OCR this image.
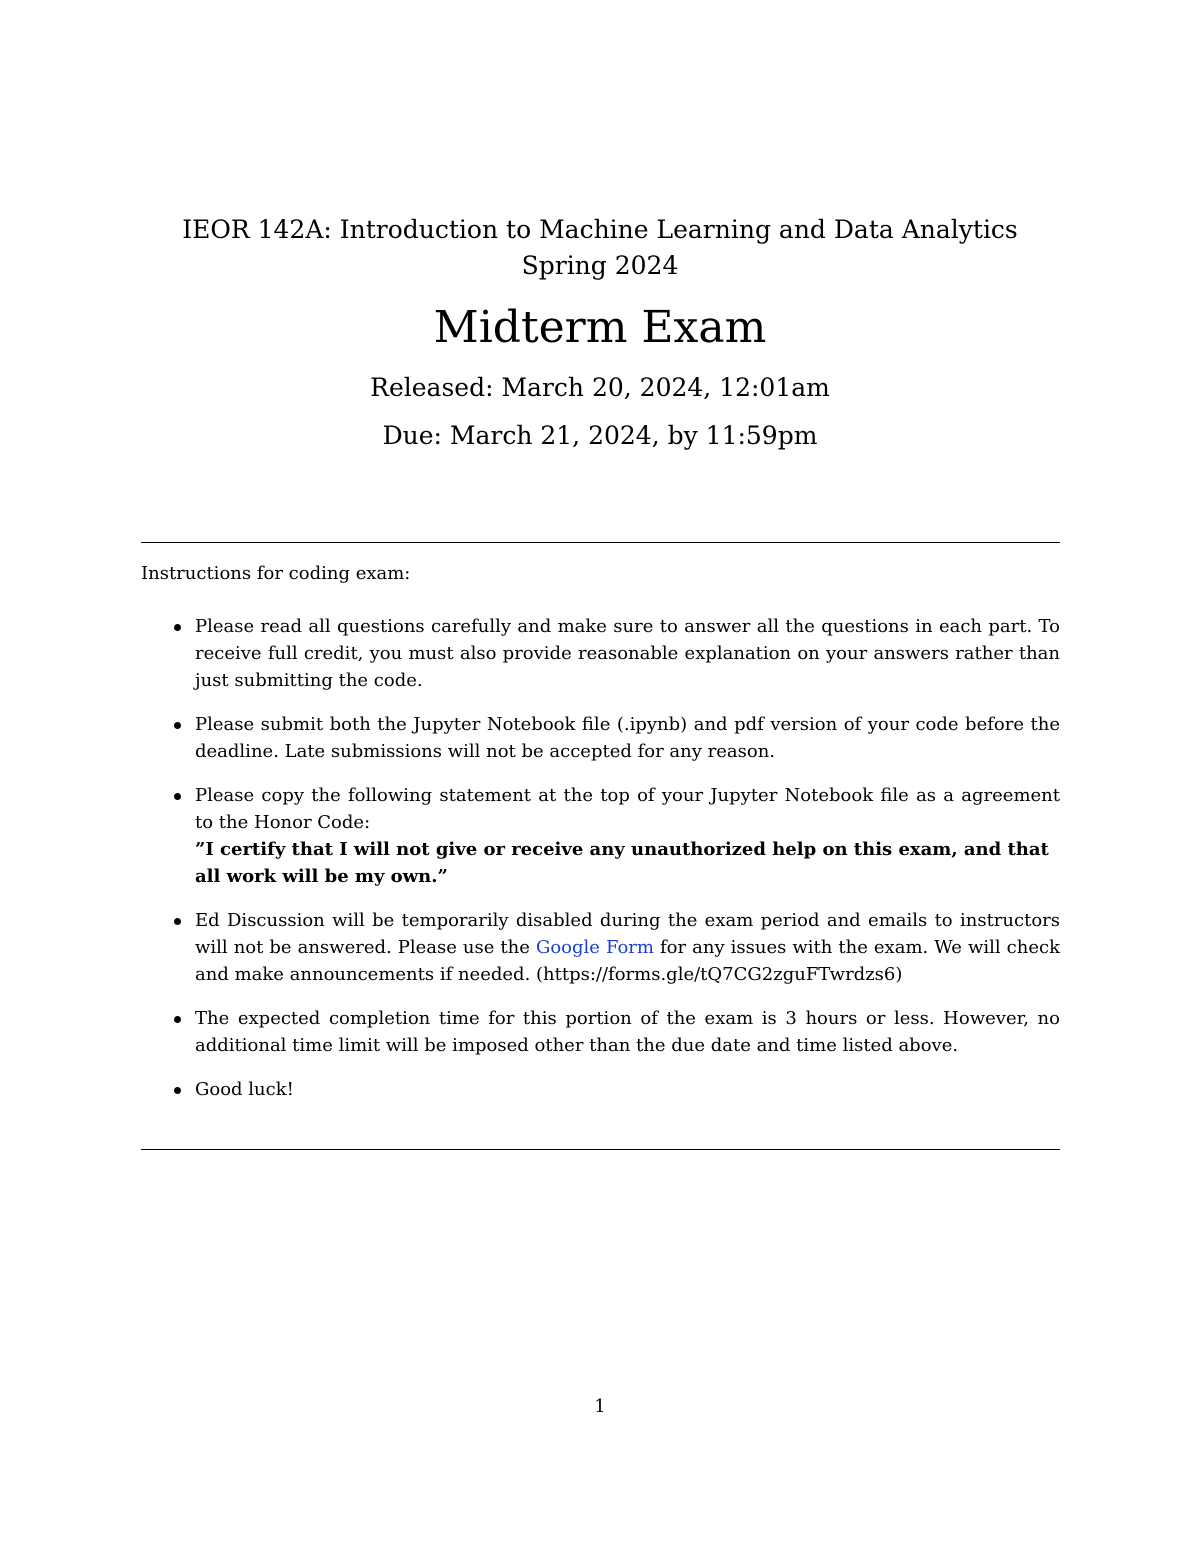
IEOR 142A: Introduction to Machine Learning and Data Analytics

Spring 2024

Midterm Exam

Released: March 20, 2024, 12:01am

Due: March 21, 2024, by 11:59pm

Instructions for coding exam:

Please read all questions carefully and make sure to answer all the questions in each part. To receive full credit, you must also provide reasonable explanation on your answers rather than just submitting the code.
Please submit both the Jupyter Notebook file (.ipynb) and pdf version of your code before the deadline. Late submissions will not be accepted for any reason.
Please copy the following statement at the top of your Jupyter Notebook file as a agreement to the Honor Code:
”I certify that I will not give or receive any unauthorized help on this exam, and that all work will be my own.”
Ed Discussion will be temporarily disabled during the exam period and emails to instructors will not be answered. Please use the Google Form for any issues with the exam. We will check and make announcements if needed. (https://forms.gle/tQ7CG2zguFTwrdzs6)
The expected completion time for this portion of the exam is 3 hours or less. However, no additional time limit will be imposed other than the due date and time listed above.
Good luck!
1
